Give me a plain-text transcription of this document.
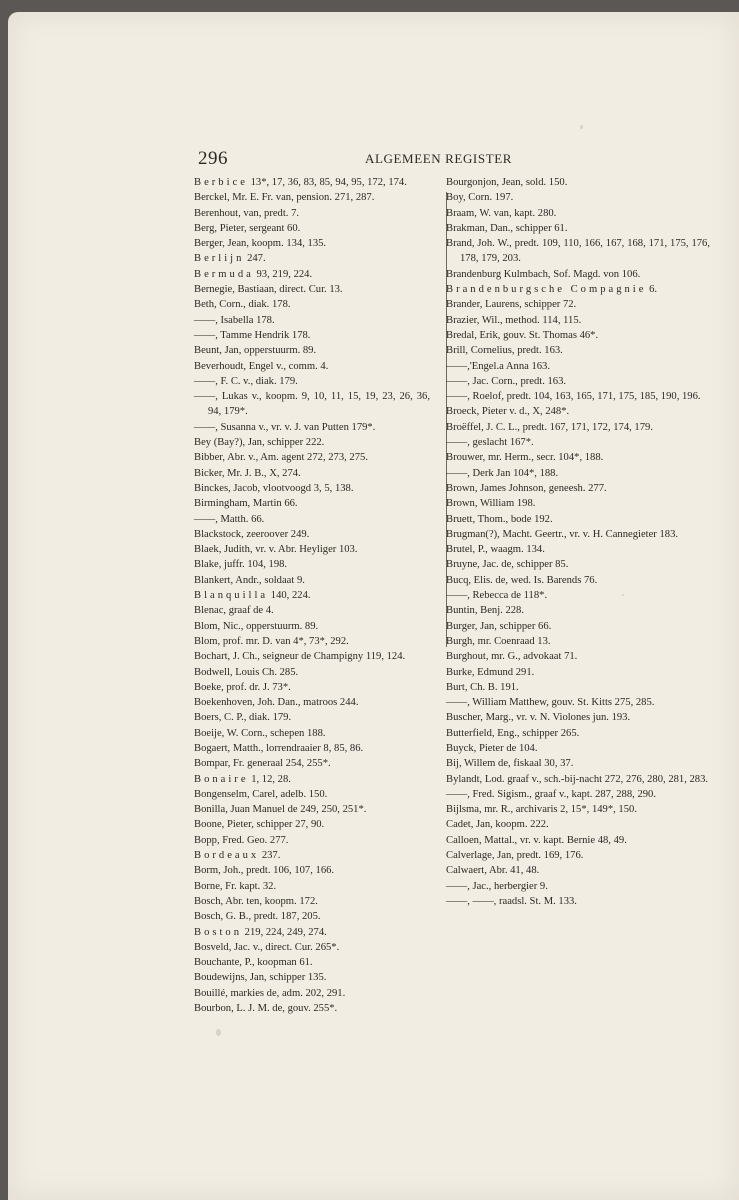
296	ALGEMEEN REGISTER
Berbice 13*, 17, 36, 83, 85, 94, 95, 172, 174.
Berckel, Mr. E. Fr. van, pension. 271, 287.
Berenhout, van, predt. 7.
Berg, Pieter, sergeant 60.
Berger, Jean, koopm. 134, 135.
Berlijn 247.
Bermuda 93, 219, 224.
Bernegie, Bastiaan, direct. Cur. 13.
Beth, Corn., diak. 178.
——, Isabella 178.
——, Tamme Hendrik 178.
Beunt, Jan, opperstuurm. 89.
Beverhoudt, Engel v., comm. 4.
——, F. C. v., diak. 179.
——, Lukas v., koopm. 9, 10, 11, 15, 19, 23, 26, 36, 94, 179*.
——, Susanna v., vr. v. J. van Putten 179*.
Bey (Bay?), Jan, schipper 222.
Bibber, Abr. v., Am. agent 272, 273, 275.
Bicker, Mr. J. B., X, 274.
Binckes, Jacob, vlootvoogd 3, 5, 138.
Birmingham, Martin 66.
——, Matth. 66.
Blackstock, zeeroover 249.
Blaek, Judith, vr. v. Abr. Heyliger 103.
Blake, juffr. 104, 198.
Blankert, Andr., soldaat 9.
Blanquilla 140, 224.
Blenac, graaf de 4.
Blom, Nic., opperstuurm. 89.
Blom, prof. mr. D. van 4*, 73*, 292.
Bochart, J. Ch., seigneur de Champigny 119, 124.
Bodwell, Louis Ch. 285.
Boeke, prof. dr. J. 73*.
Boekenhoven, Joh. Dan., matroos 244.
Boers, C. P., diak. 179.
Boeije, W. Corn., schepen 188.
Bogaert, Matth., lorrendraaier 8, 85, 86.
Bompar, Fr. generaal 254, 255*.
Bonaire 1, 12, 28.
Bongenselm, Carel, adelb. 150.
Bonilla, Juan Manuel de 249, 250, 251*.
Boone, Pieter, schipper 27, 90.
Bopp, Fred. Geo. 277.
Bordeaux 237.
Borm, Joh., predt. 106, 107, 166.
Borne, Fr. kapt. 32.
Bosch, Abr. ten, koopm. 172.
Bosch, G. B., predt. 187, 205.
Boston 219, 224, 249, 274.
Bosveld, Jac. v., direct. Cur. 265*.
Bouchante, P., koopman 61.
Boudewijns, Jan, schipper 135.
Bouillé, markies de, adm. 202, 291.
Bourbon, L. J. M. de, gouv. 255*.
Bourgonjon, Jean, sold. 150.
Boy, Corn. 197.
Braam, W. van, kapt. 280.
Brakman, Dan., schipper 61.
Brand, Joh. W., predt. 109, 110, 166, 167, 168, 171, 175, 176, 178, 179, 203.
Brandenburg Kulmbach, Sof. Magd. von 106.
Brandenburgsche Compagnie 6.
Brander, Laurens, schipper 72.
Brazier, Wil., method. 114, 115.
Bredal, Erik, gouv. St. Thomas 46*.
Brill, Cornelius, predt. 163.
——,'Engel.a Anna 163.
——, Jac. Corn., predt. 163.
——, Roelof, predt. 104, 163, 165, 171, 175, 185, 190, 196.
Broeck, Pieter v. d., X, 248*.
Broëffel, J. C. L., predt. 167, 171, 172, 174, 179.
——, geslacht 167*.
Brouwer, mr. Herm., secr. 104*, 188.
——, Derk Jan 104*, 188.
Brown, James Johnson, geneesh. 277.
Brown, William 198.
Bruett, Thom., bode 192.
Brugman(?), Macht. Geertr., vr. v. H. Cannegieter 183.
Brutel, P., waagm. 134.
Bruyne, Jac. de, schipper 85.
Bucq, Elis. de, wed. Is. Barends 76.
——, Rebecca de 118*.
Buntin, Benj. 228.
Burger, Jan, schipper 66.
Burgh, mr. Coenraad 13.
Burghout, mr. G., advokaat 71.
Burke, Edmund 291.
Burt, Ch. B. 191.
——, William Matthew, gouv. St. Kitts 275, 285.
Buscher, Marg., vr. v. N. Violones jun. 193.
Butterfield, Eng., schipper 265.
Buyck, Pieter de 104.
Bij, Willem de, fiskaal 30, 37.
Bylandt, Lod. graaf v., sch.-bij-nacht 272, 276, 280, 281, 283.
——, Fred. Sigism., graaf v., kapt. 287, 288, 290.
Bijlsma, mr. R., archivaris 2, 15*, 149*, 150.
Cadet, Jan, koopm. 222.
Calloen, Mattal., vr. v. kapt. Bernie 48, 49.
Calverlage, Jan, predt. 169, 176.
Calwaert, Abr. 41, 48.
——, Jac., herbergier 9.
——, ——, raadsl. St. M. 133.
